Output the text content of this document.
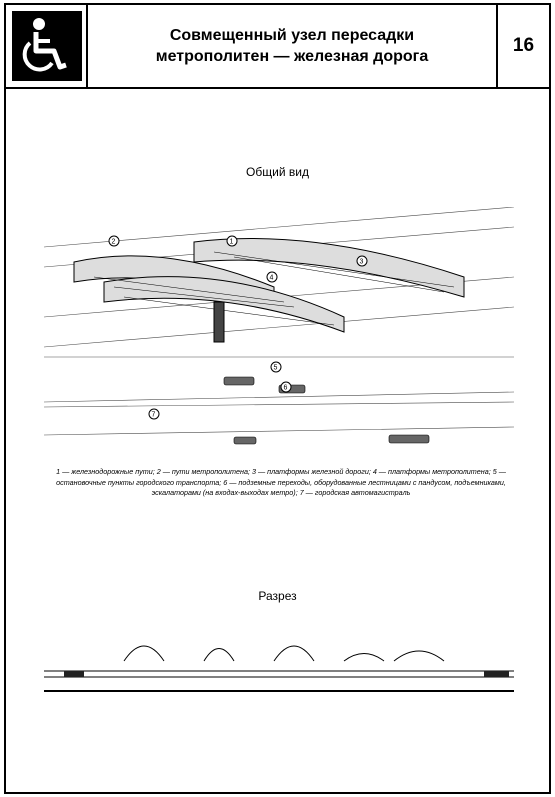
Совмещенный узел пересадки
метрополитен — железная дорога
16
Общий вид
1
2
3
4
5
6
7
1 — железнодорожные пути; 2 — пути метрополитена; 3 — платформы железной дороги; 4 — платформы метрополитена; 5 — остановочные пункты городского транспорта; 6 — подземные переходы, оборудованные лестницами с пандусом, подъемниками, эскалаторами (на входах-выходах метро); 7 — городская автомагистраль
Разрез
